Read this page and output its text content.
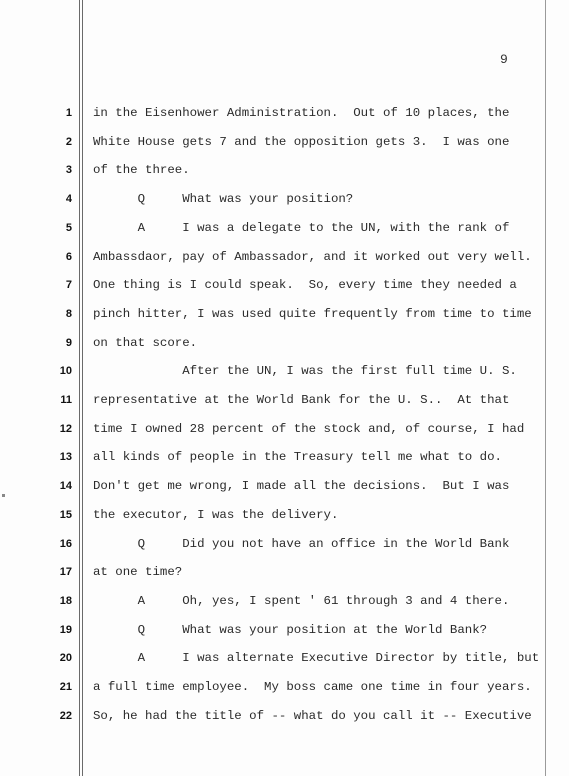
9
1 in the Eisenhower Administration.  Out of 10 places, the
2 White House gets 7 and the opposition gets 3.  I was one
3 of the three.
4 Q     What was your position?
5 A     I was a delegate to the UN, with the rank of
6 Ambassdaor, pay of Ambassador, and it worked out very well.
7 One thing is I could speak.  So, every time they needed a
8 pinch hitter, I was used quite frequently from time to time
9 on that score.
10 After the UN, I was the first full time U. S.
11 representative at the World Bank for the U. S..  At that
12 time I owned 28 percent of the stock and, of course, I had
13 all kinds of people in the Treasury tell me what to do.
14 Don't get me wrong, I made all the decisions.  But I was
15 the executor, I was the delivery.
16 Q     Did you not have an office in the World Bank
17 at one time?
18 A     Oh, yes, I spent ' 61 through 3 and 4 there.
19 Q     What was your position at the World Bank?
20 A     I was alternate Executive Director by title, but
21 a full time employee.  My boss came one time in four years.
22 So, he had the title of -- what do you call it -- Executive
